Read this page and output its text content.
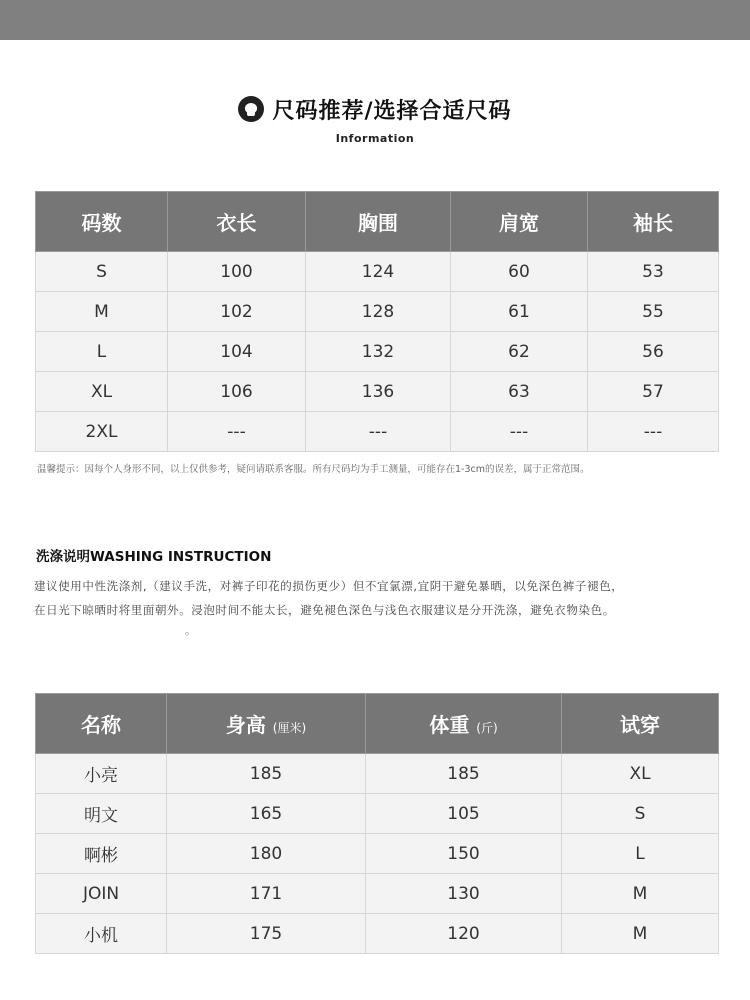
尺码推荐/选择合适尺码
Information
码数	衣长	胸围	肩宽	袖长
S	100	124	60	53
M	102	128	61	55
L	104	132	62	56
XL	106	136	63	57
2XL	---	---	---	---
温馨提示：因每个人身形不同，以上仅供参考，疑问请联系客服。所有尺码均为手工测量，可能存在1-3cm的误差，属于正常范围。
洗涤说明WASHING INSTRUCTION
建议使用中性洗涤剂,（建议手洗，对裤子印花的损伤更少）但不宜氯漂,宜阴干避免暴晒，以免深色裤子褪色，
在日光下晾晒时将里面朝外。浸泡时间不能太长，避免褪色深色与浅色衣服建议是分开洗涤，避免衣物染色。
。
名称	身高 (厘米)	体重 (斤)	试穿
小亮	185	185	XL
明文	165	105	S
啊彬	180	150	L
JOIN	171	130	M
小机	175	120	M
